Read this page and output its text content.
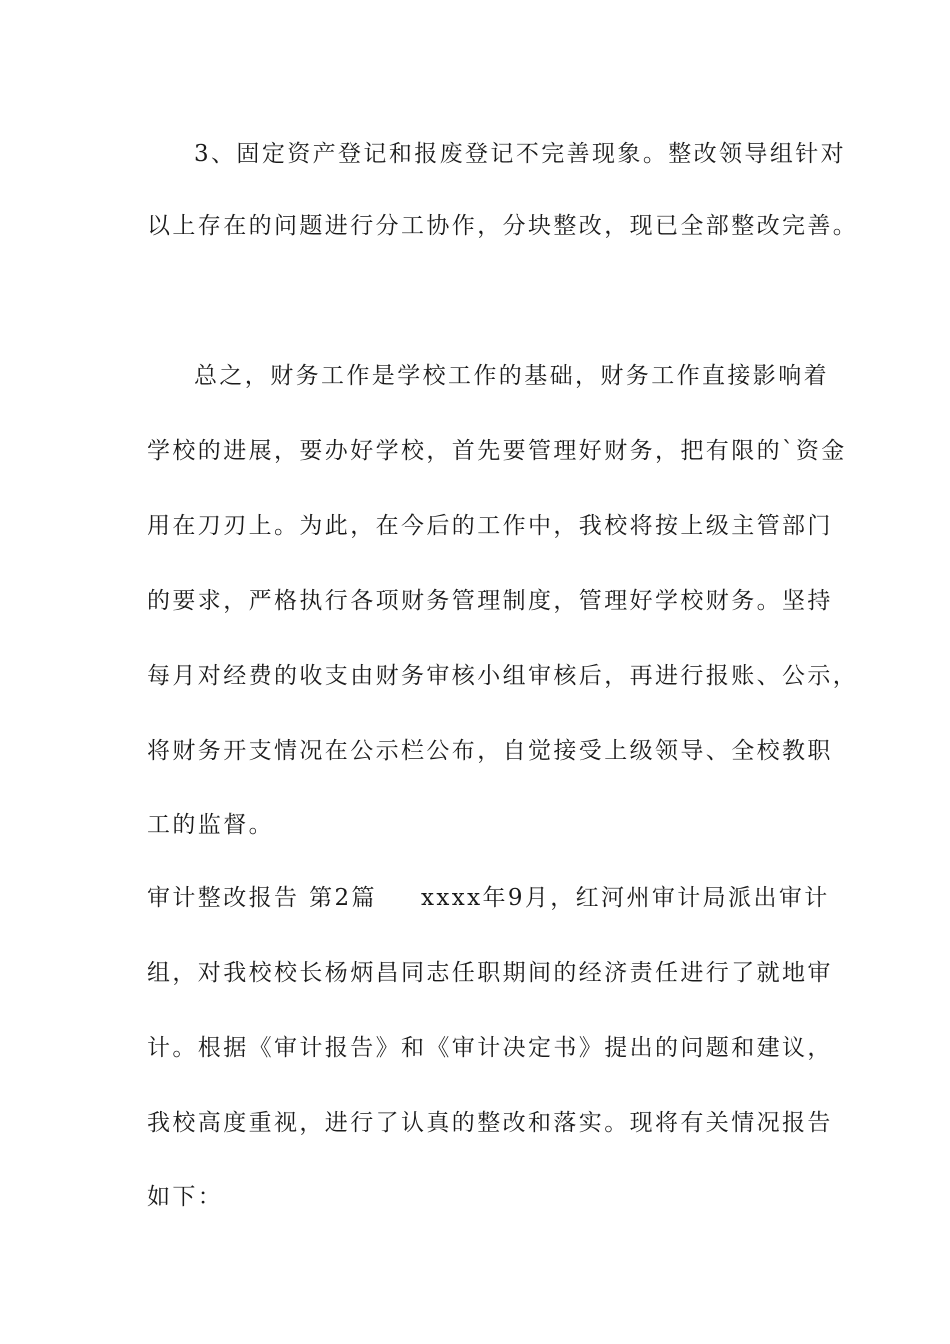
3、固定资产登记和报废登记不完善现象。整改领导组针对
以上存在的问题进行分工协作，分块整改，现已全部整改完善。
总之，财务工作是学校工作的基础，财务工作直接影响着
学校的进展，要办好学校，首先要管理好财务，把有限的`资金
用在刀刃上。为此，在今后的工作中，我校将按上级主管部门
的要求，严格执行各项财务管理制度，管理好学校财务。坚持
每月对经费的收支由财务审核小组审核后，再进行报账、公示，
将财务开支情况在公示栏公布，自觉接受上级领导、全校教职
工的监督。
审计整改报告 第2篇 xxxx年9月，红河州审计局派出审计
组，对我校校长杨炳昌同志任职期间的经济责任进行了就地审
计。根据《审计报告》和《审计决定书》提出的问题和建议，
我校高度重视，进行了认真的整改和落实。现将有关情况报告
如下：
